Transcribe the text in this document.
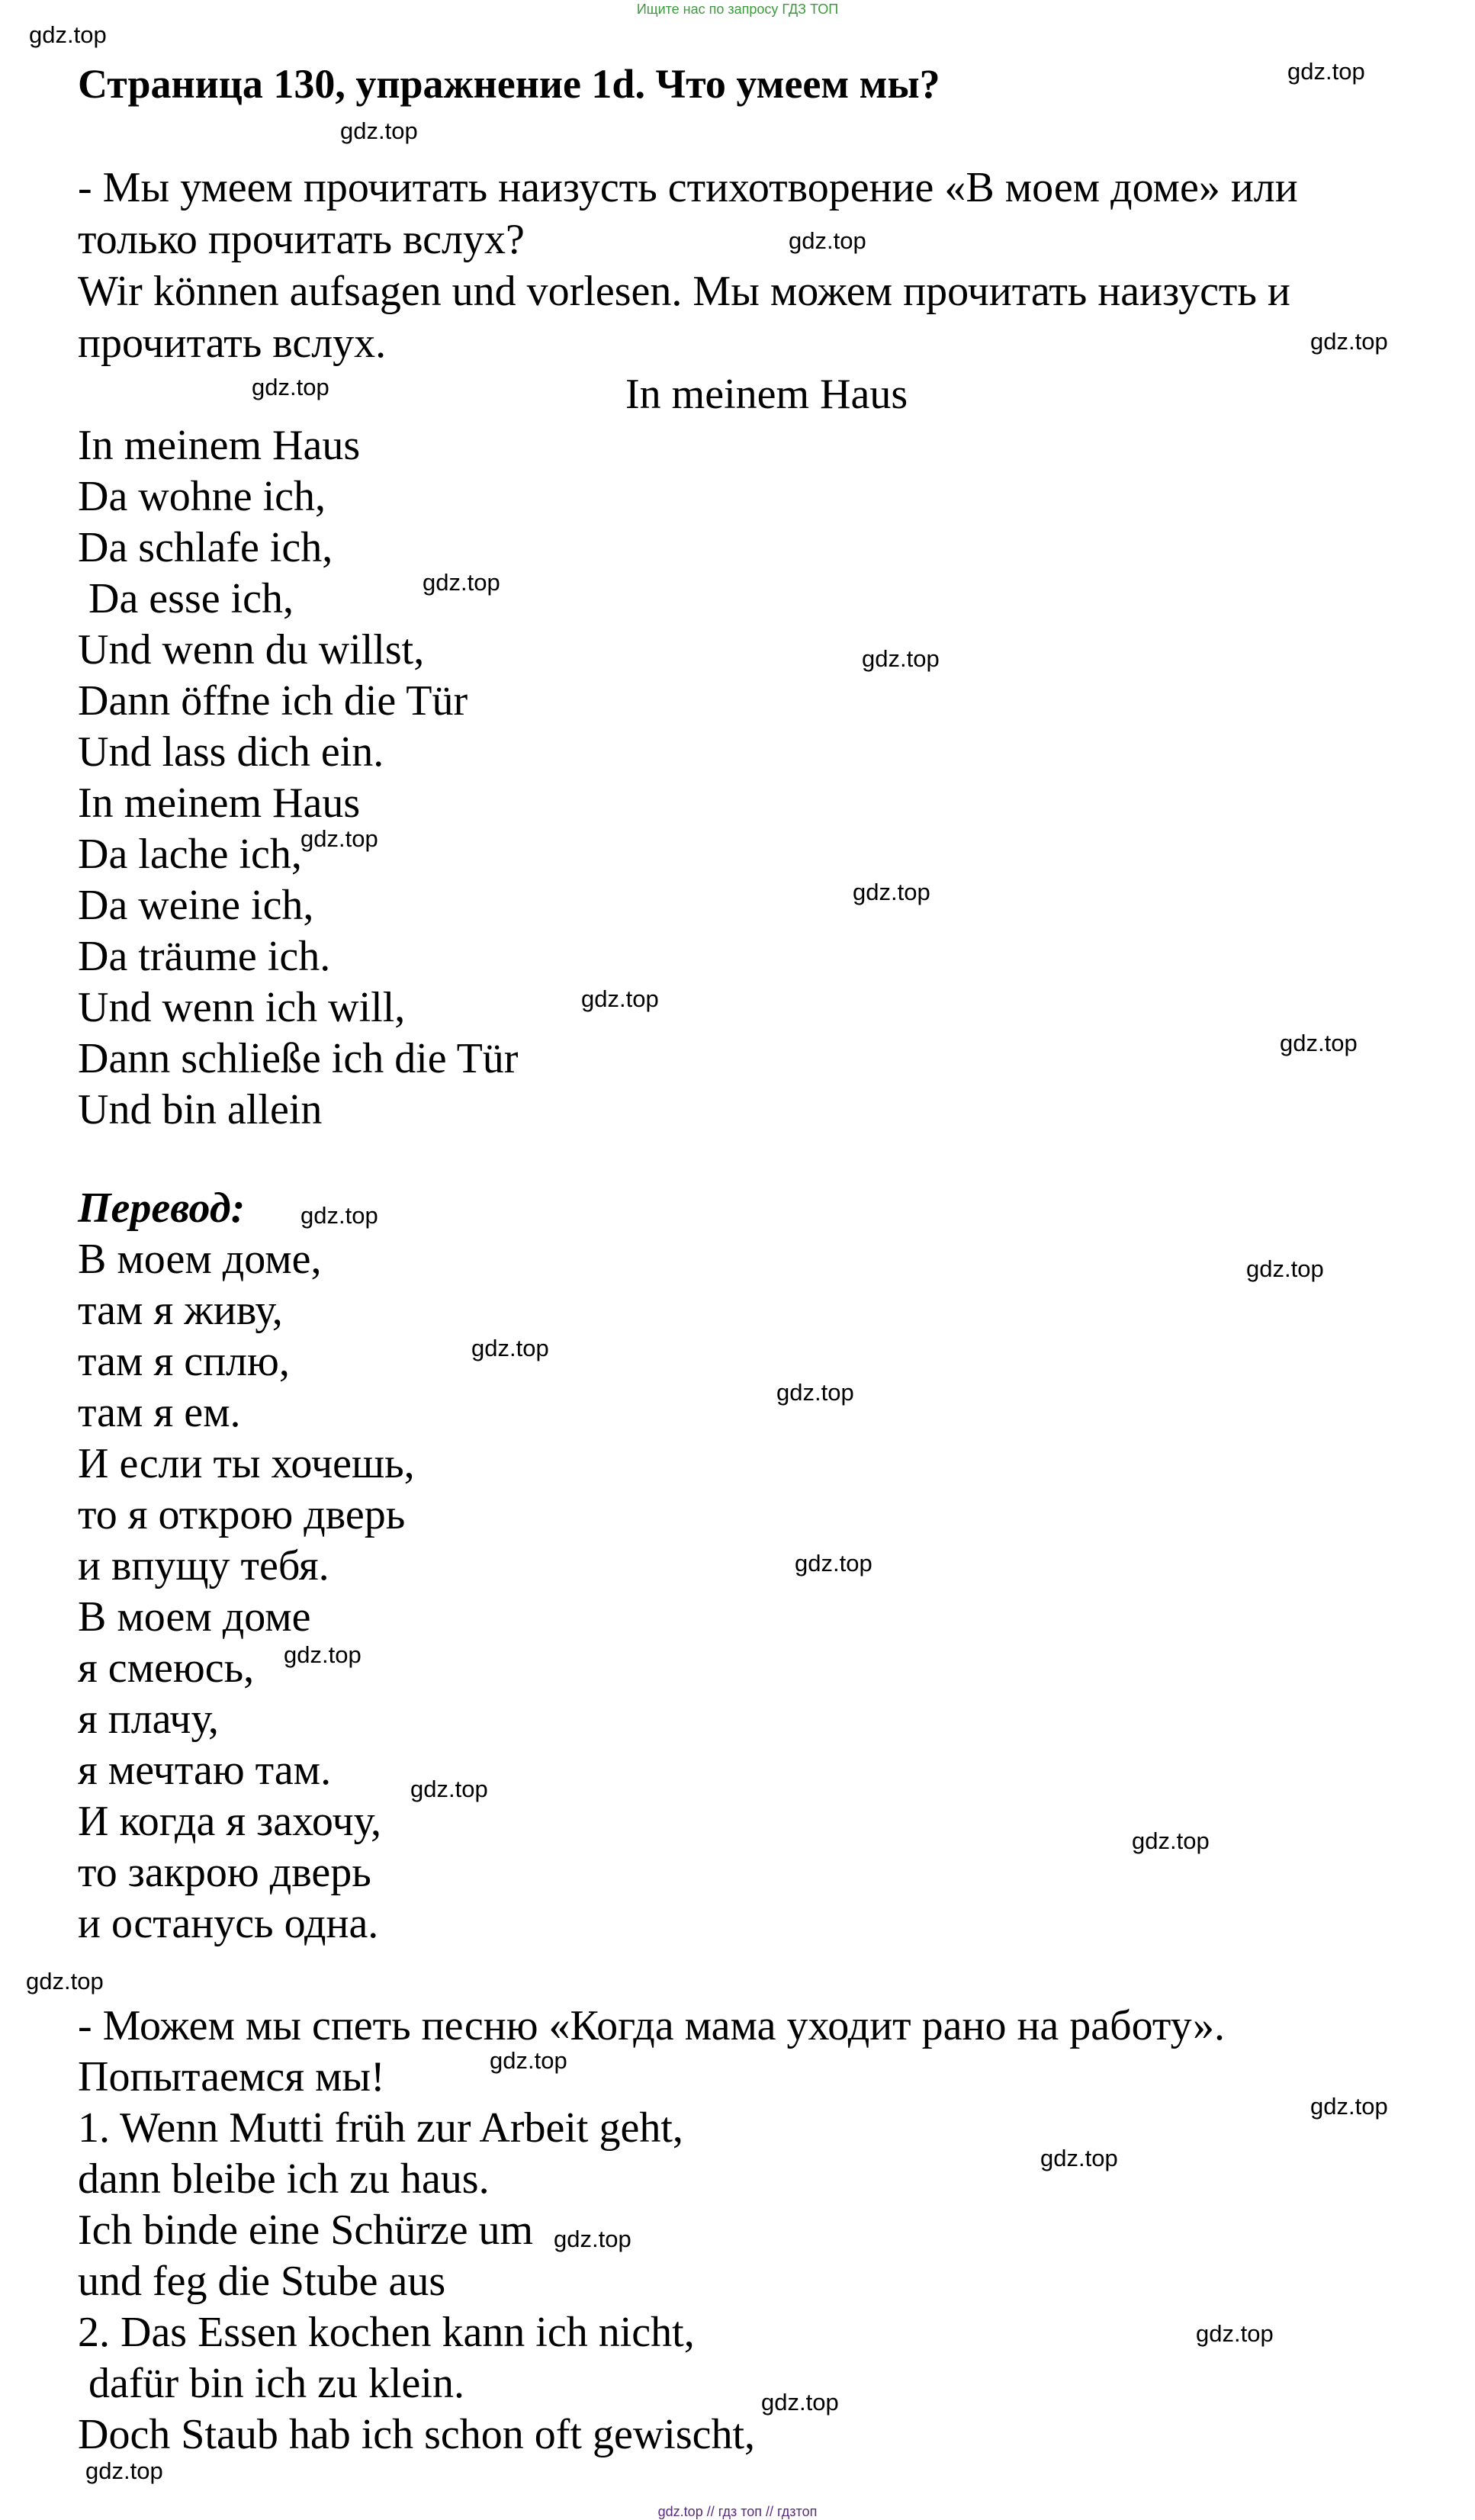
Ищите нас по запросу ГДЗ ТОП
Страница 130, упражнение 1d. Что умеем мы?

- Мы умеем прочитать наизусть стихотворение «В моем доме» или

только прочитать вслух?

Wir können aufsagen und vorlesen. Мы можем прочитать наизусть и

прочитать вслух.

In meinem Haus

In meinem Haus

Da wohne ich,

Da schlafe ich,

Da esse ich,

Und wenn du willst,

Dann öffne ich die Tür

Und lass dich ein.

In meinem Haus

Da lache ich,

Da weine ich,

Da träume ich.

Und wenn ich will,

Dann schließe ich die Tür

Und bin allein

Перевод:

В моем доме,

там я живу,

там я сплю,

там я ем.

И если ты хочешь,

то я открою дверь

и впущу тебя.

В моем доме

я смеюсь,

я плачу,

я мечтаю там.

И когда я захочу,

то закрою дверь

и останусь одна.

- Можем мы спеть песню «Когда мама уходит рано на работу».

Попытаемся мы!

1. Wenn Mutti früh zur Arbeit geht,

dann bleibe ich zu haus.

Ich binde eine Schürze um

und feg die Stube aus

2. Das Essen kochen kann ich nicht,

dafür bin ich zu klein.

Doch Staub hab ich schon oft gewischt,

gdz.top
gdz.top
gdz.top
gdz.top
gdz.top
gdz.top
gdz.top
gdz.top
gdz.top
gdz.top
gdz.top
gdz.top
gdz.top
gdz.top
gdz.top
gdz.top
gdz.top
gdz.top
gdz.top
gdz.top
gdz.top
gdz.top
gdz.top
gdz.top
gdz.top
gdz.top
gdz.top
gdz.top
gdz.top // гдз топ // гдзтоп
